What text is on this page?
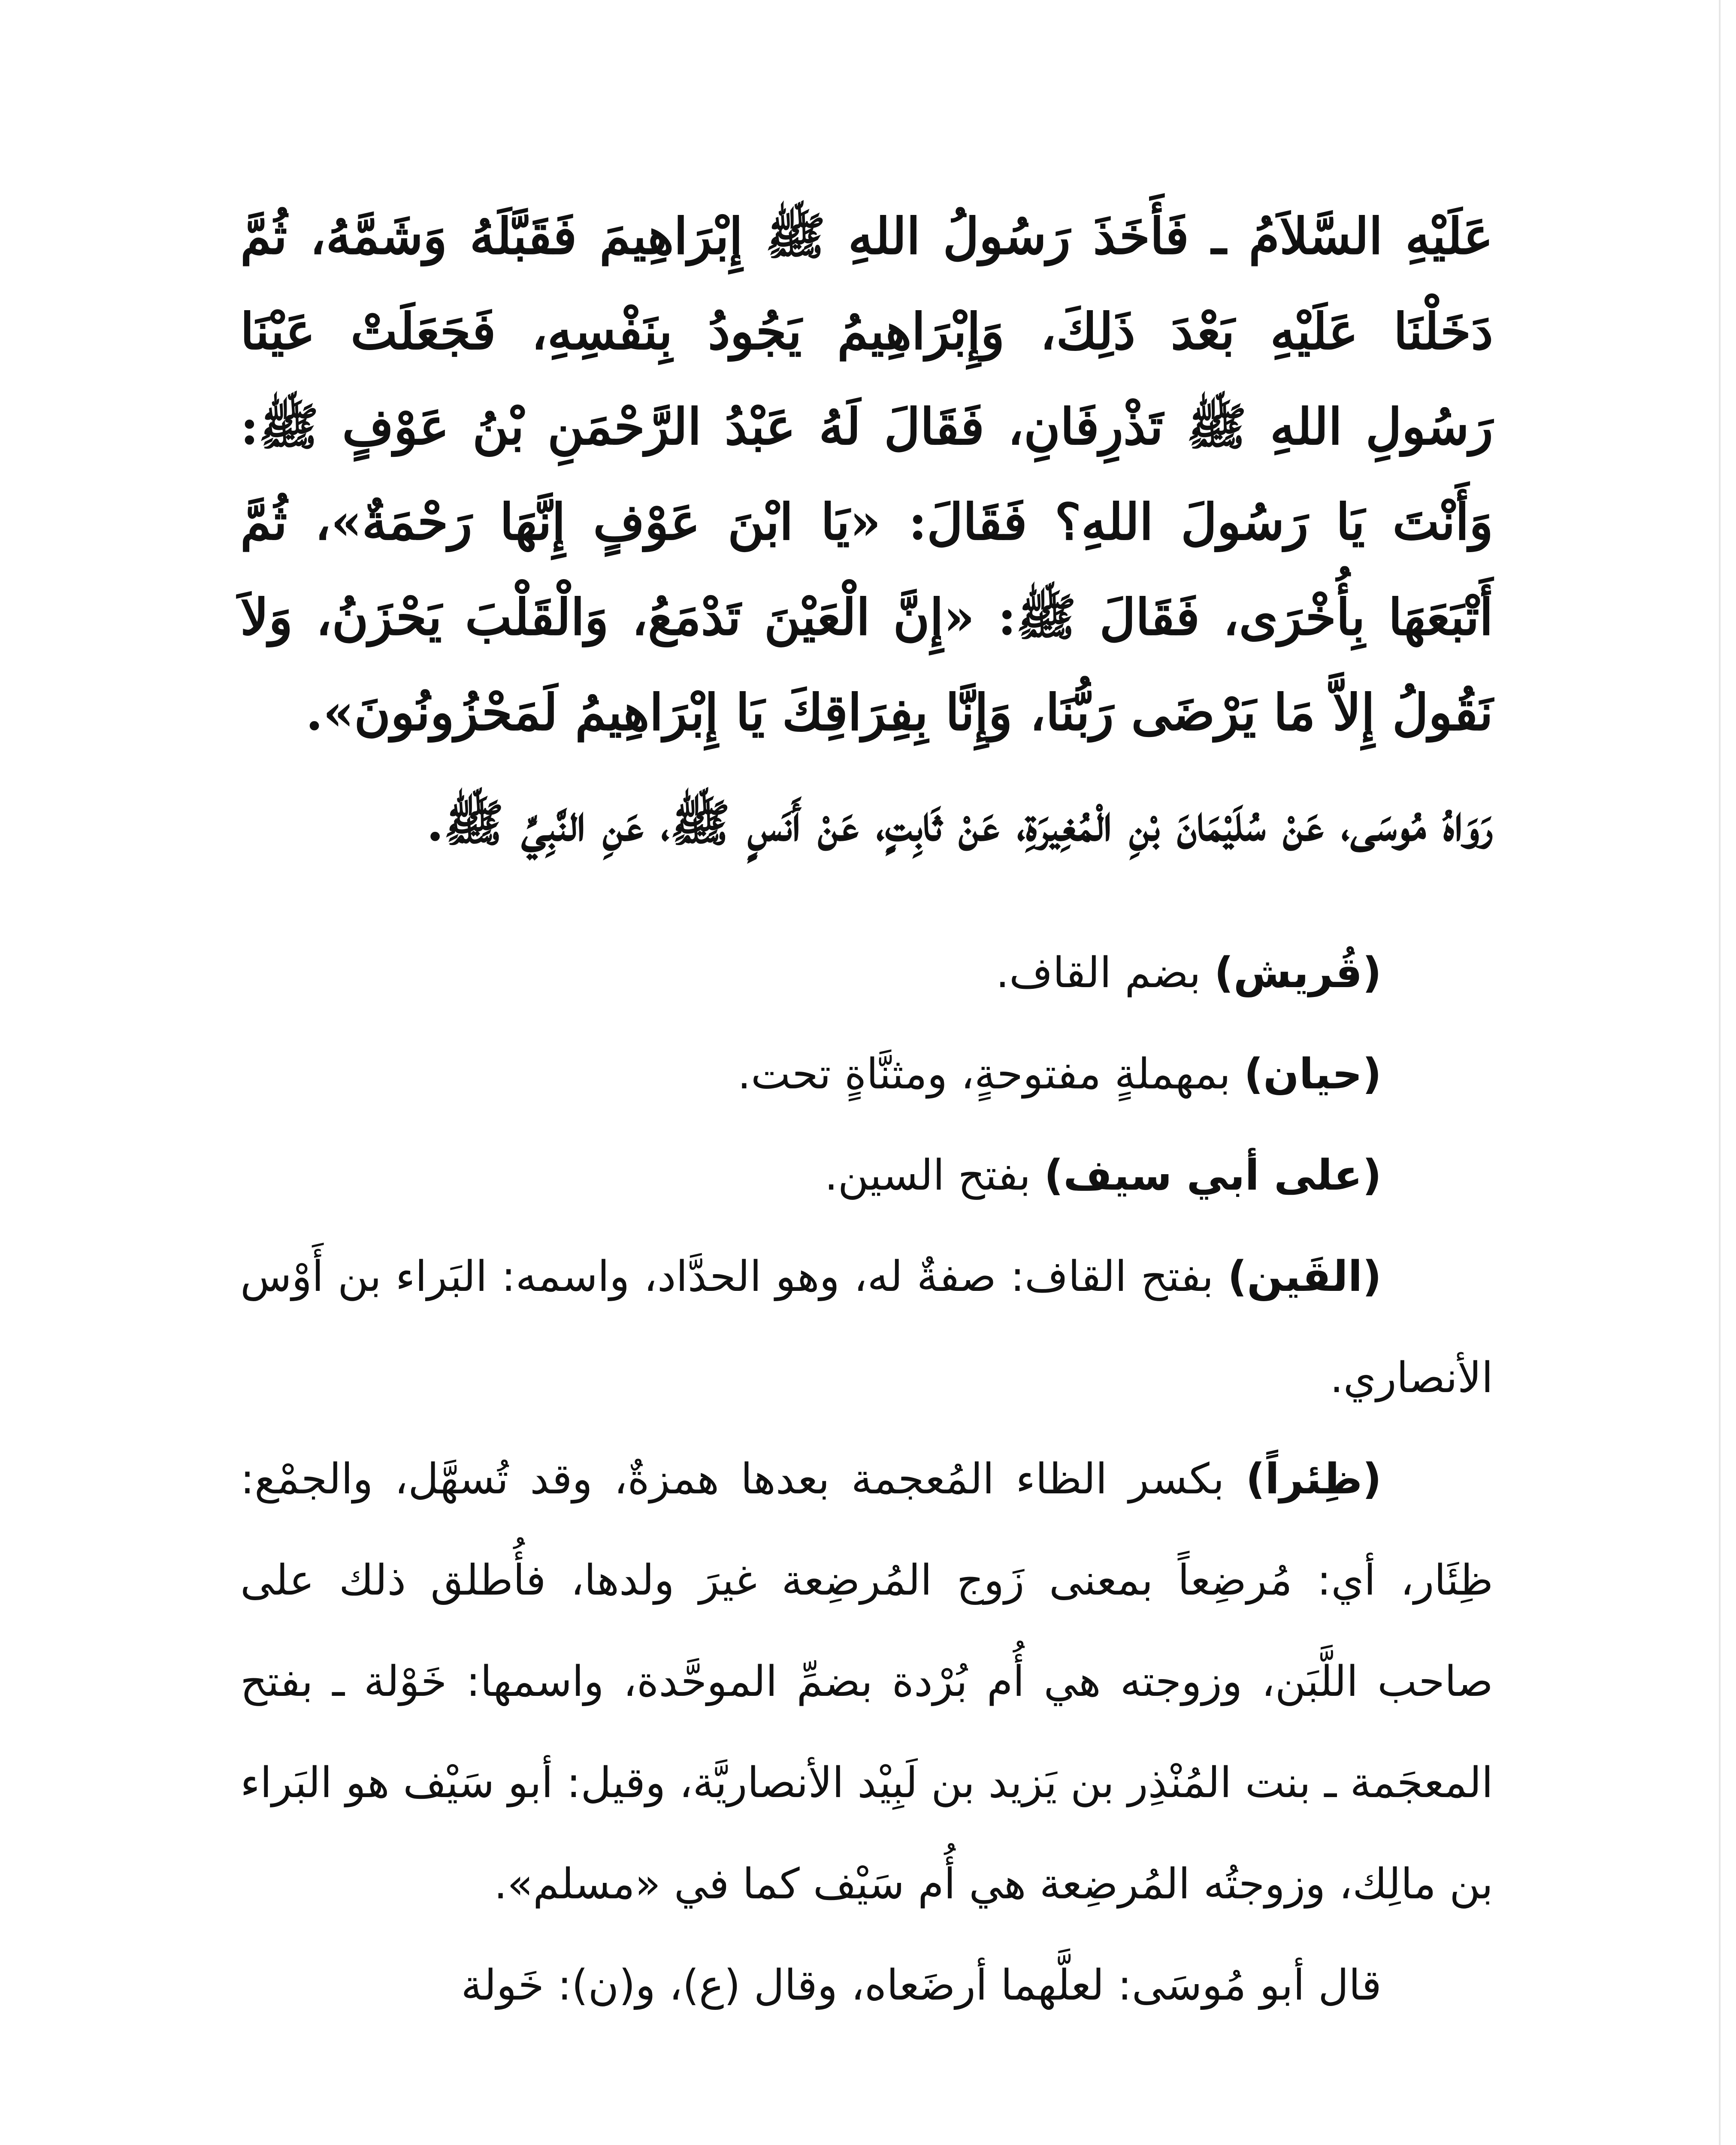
عَلَيْهِ السَّلاَمُ ـ فَأَخَذَ رَسُولُ اللهِ ﷺ إِبْرَاهِيمَ فَقَبَّلَهُ وَشَمَّهُ، ثُمَّ دَخَلْنَا عَلَيْهِ بَعْدَ ذَلِكَ، وَإِبْرَاهِيمُ يَجُودُ بِنَفْسِهِ، فَجَعَلَتْ عَيْنَا رَسُولِ اللهِ ﷺ تَذْرِفَانِ، فَقَالَ لَهُ عَبْدُ الرَّحْمَنِ بْنُ عَوْفٍ ﷺ: وَأَنْتَ يَا رَسُولَ اللهِ؟ فَقَالَ: «يَا ابْنَ عَوْفٍ إِنَّهَا رَحْمَةٌ»، ثُمَّ أَتْبَعَهَا بِأُخْرَى، فَقَالَ ﷺ: «إِنَّ الْعَيْنَ تَدْمَعُ، وَالْقَلْبَ يَحْزَنُ، وَلاَ نَقُولُ إِلاَّ مَا يَرْضَى رَبُّنَا، وَإِنَّا بِفِرَاقِكَ يَا إِبْرَاهِيمُ لَمَحْزُونُونَ».

رَوَاهُ مُوسَى، عَنْ سُلَيْمَانَ بْنِ الْمُغِيرَةِ، عَنْ ثَابِتٍ، عَنْ أَنَسٍ ﷺ، عَنِ النَّبِيِّ ﷺ.

(قُريش) بضم القاف.

(حيان) بمهملةٍ مفتوحةٍ، ومثنَّاةٍ تحت.

(على أبي سيف) بفتح السين.

(القَين) بفتح القاف: صفةٌ له، وهو الحدَّاد، واسمه: البَراء بن أَوْس الأنصاري.

(ظِئراً) بكسر الظاء المُعجمة بعدها همزةٌ، وقد تُسهَّل، والجمْع: ظِئَار، أي: مُرضِعاً بمعنى زَوج المُرضِعة غيرَ ولدها، فأُطلق ذلك على صاحب اللَّبَن، وزوجته هي أُم بُرْدة بضمِّ الموحَّدة، واسمها: خَوْلة ـ بفتح المعجَمة ـ بنت المُنْذِر بن يَزيد بن لَبِيْد الأنصاريَّة، وقيل: أبو سَيْف هو البَراء بن مالِك، وزوجتُه المُرضِعة هي أُم سَيْف كما في «مسلم».

قال أبو مُوسَى: لعلَّهما أرضَعاه، وقال (ع)، و(ن): خَولة
